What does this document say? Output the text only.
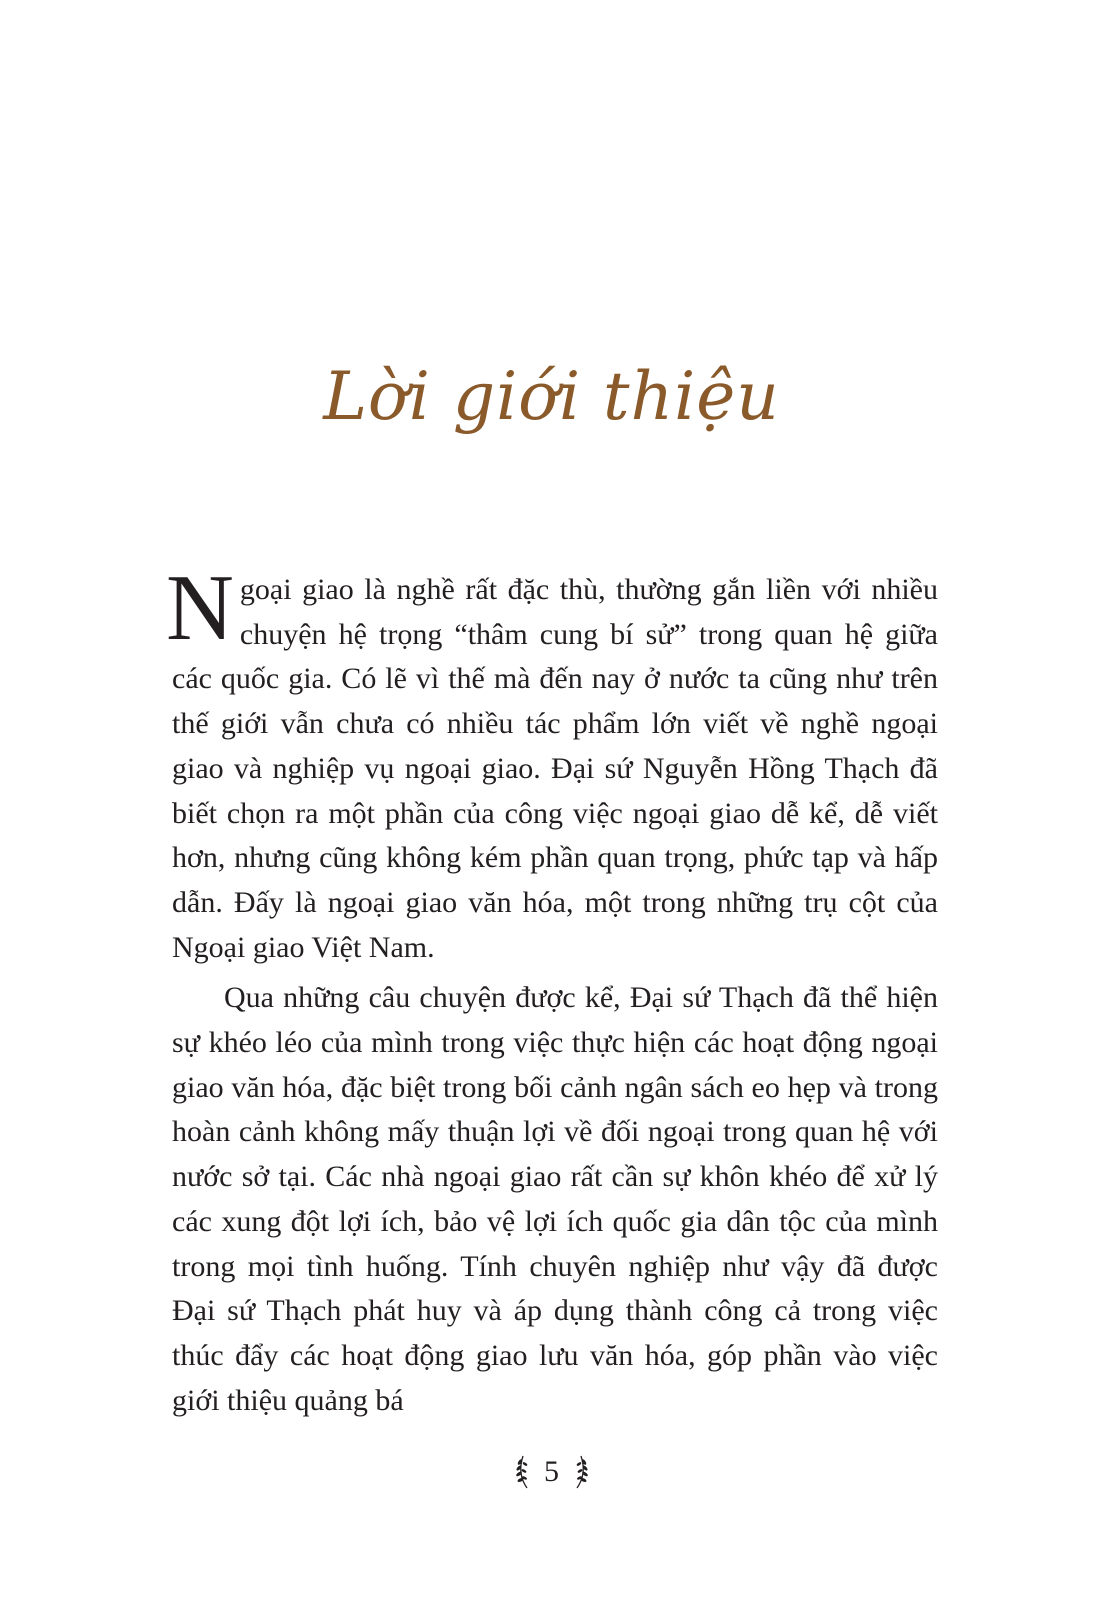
Lời giới thiệu

Ngoại giao là nghề rất đặc thù, thường gắn liền với nhiều chuyện hệ trọng “thâm cung bí sử” trong quan hệ giữa các quốc gia. Có lẽ vì thế mà đến nay ở nước ta cũng như trên thế giới vẫn chưa có nhiều tác phẩm lớn viết về nghề ngoại giao và nghiệp vụ ngoại giao. Đại sứ Nguyễn Hồng Thạch đã biết chọn ra một phần của công việc ngoại giao dễ kể, dễ viết hơn, nhưng cũng không kém phần quan trọng, phức tạp và hấp dẫn. Đấy là ngoại giao văn hóa, một trong những trụ cột của Ngoại giao Việt Nam.

Qua những câu chuyện được kể, Đại sứ Thạch đã thể hiện sự khéo léo của mình trong việc thực hiện các hoạt động ngoại giao văn hóa, đặc biệt trong bối cảnh ngân sách eo hẹp và trong hoàn cảnh không mấy thuận lợi về đối ngoại trong quan hệ với nước sở tại. Các nhà ngoại giao rất cần sự khôn khéo để xử lý các xung đột lợi ích, bảo vệ lợi ích quốc gia dân tộc của mình trong mọi tình huống. Tính chuyên nghiệp như vậy đã được Đại sứ Thạch phát huy và áp dụng thành công cả trong việc thúc đẩy các hoạt động giao lưu văn hóa, góp phần vào việc giới thiệu quảng bá

5
